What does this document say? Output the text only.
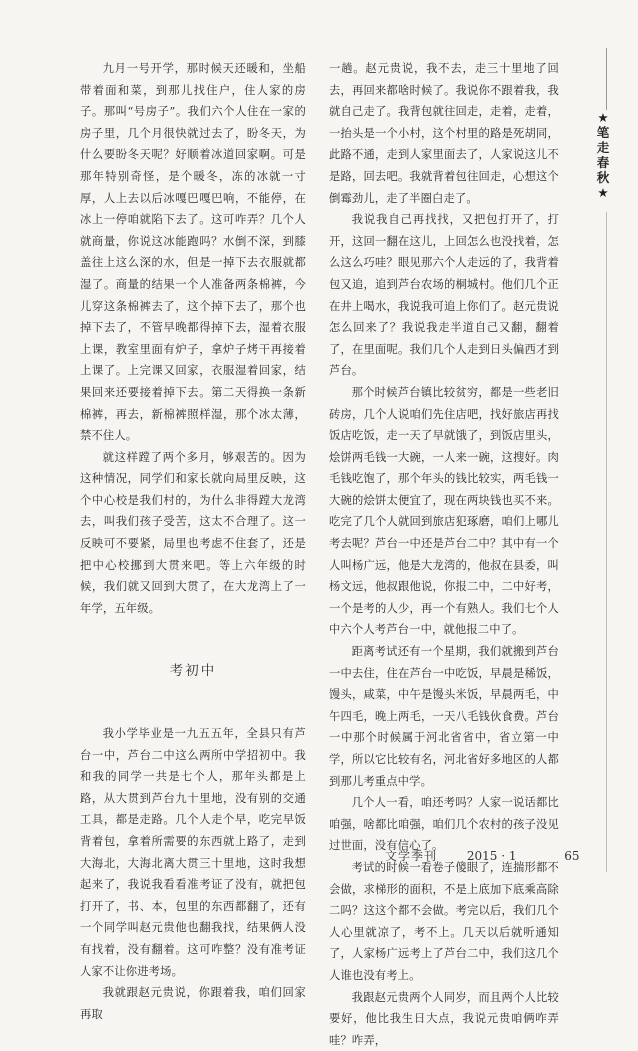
★
笔
走
春
秋
★

九月一号开学，那时候天还暖和，坐船带着面和菜，到那儿找住户，住人家的房子。那叫“号房子”。我们六个人住在一家的房子里，几个月很快就过去了，盼冬天，为什么要盼冬天呢？好顺着冰道回家啊。可是那年特别奇怪，是个暖冬，冻的冰就一寸厚，人上去以后冰嘎巴嘎巴响，不能停，在冰上一停咱就陷下去了。这可咋弄？几个人就商量，你说这冰能跑吗？水倒不深，到膝盖往上这么深的水，但是一掉下去衣服就都湿了。商量的结果一个人准备两条棉裤，今儿穿这条棉裤去了，这个掉下去了，那个也掉下去了，不管早晚都得掉下去，湿着衣服上课，教室里面有炉子，拿炉子烤干再接着上课了。上完课又回家，衣服湿着回家，结果回来还要接着掉下去。第二天得换一条新棉裤，再去，新棉裤照样湿，那个冰太薄，禁不住人。

就这样蹚了两个多月，够艰苦的。因为这种情况，同学们和家长就向局里反映，这个中心校是我们村的，为什么非得蹚大龙湾去，叫我们孩子受苦，这太不合理了。这一反映可不要紧，局里也考虑不住套了，还是把中心校挪到大贯来吧。等上六年级的时候，我们就又回到大贯了，在大龙湾上了一年学，五年级。

考初中

我小学毕业是一九五五年，全县只有芦台一中，芦台二中这么两所中学招初中。我和我的同学一共是七个人，那年头都是上路，从大贯到芦台九十里地，没有别的交通工具，都是走路。几个人走个早，吃完早饭背着包，拿着所需要的东西就上路了，走到大海北，大海北离大贯三十里地，这时我想起来了，我说我看看准考证了没有，就把包打开了，书、本，包里的东西都翻了，还有一个同学叫赵元贵他也翻我找，结果俩人没有找着，没有翻着。这可咋整？没有准考证人家不让你进考场。

我就跟赵元贵说，你跟着我，咱们回家再取

一趟。赵元贵说，我不去，走三十里地了回去，再回来都啥时候了。我说你不跟着我，我就自己走了。我背包就往回走，走着，走着，一抬头是一个小村，这个村里的路是死胡同，此路不通，走到人家里面去了，人家说这儿不是路，回去吧。我就背着包往回走，心想这个倒霉劲儿，走了半圈白走了。

我说我自己再找找，又把包打开了，打开，这回一翻在这儿，上回怎么也没找着，怎么这么巧哇？眼见那六个人走远的了，我背着包又追，追到芦台农场的桐城村。他们几个正在井上喝水，我说我可追上你们了。赵元贵说怎么回来了？我说我走半道自己又翻，翻着了，在里面呢。我们几个人走到日头偏西才到芦台。

那个时候芦台镇比较贫穷，都是一些老旧砖房，几个人说咱们先住店吧，找好旅店再找饭店吃饭，走一天了早就饿了，到饭店里头，烩饼两毛钱一大碗，一人来一碗，这搜好。肉毛钱吃饱了，那个年头的钱比较实，两毛钱一大碗的烩饼太便宜了，现在两块钱也买不来。吃完了几个人就回到旅店犯琢磨，咱们上哪儿考去呢？芦台一中还是芦台二中？其中有一个人叫杨广远，他是大龙湾的，他叔在县委，叫杨文远，他叔跟他说，你报二中，二中好考，一个是考的人少，再一个有熟人。我们七个人中六个人考芦台一中，就他报二中了。

距离考试还有一个星期，我们就搬到芦台一中去住，住在芦台一中吃饭，早晨是稀饭，馒头，咸菜，中午是馒头米饭，早晨两毛，中午四毛，晚上两毛，一天八毛钱伙食费。芦台一中那个时候属于河北省省中，省立第一中学，所以它比较有名，河北省好多地区的人都到那儿考重点中学。

几个人一看，咱还考吗？人家一说话都比咱强，啥都比咱强，咱们几个农村的孩子没见过世面，没有信心了。

考试的时候一看卷子傻眼了，连揣形都不会做，求梯形的面积，不是上底加下底乘高除二吗？这这个都不会做。考完以后，我们几个人心里就凉了，考不上。几天以后就听通知了，人家杨广远考上了芦台二中，我们这几个人谁也没有考上。

我跟赵元贵两个人同岁，而且两个人比较要好，他比我生日大点，我说元贵咱俩咋弄哇？咋弄，

文学季刊 2015 · 1	65
